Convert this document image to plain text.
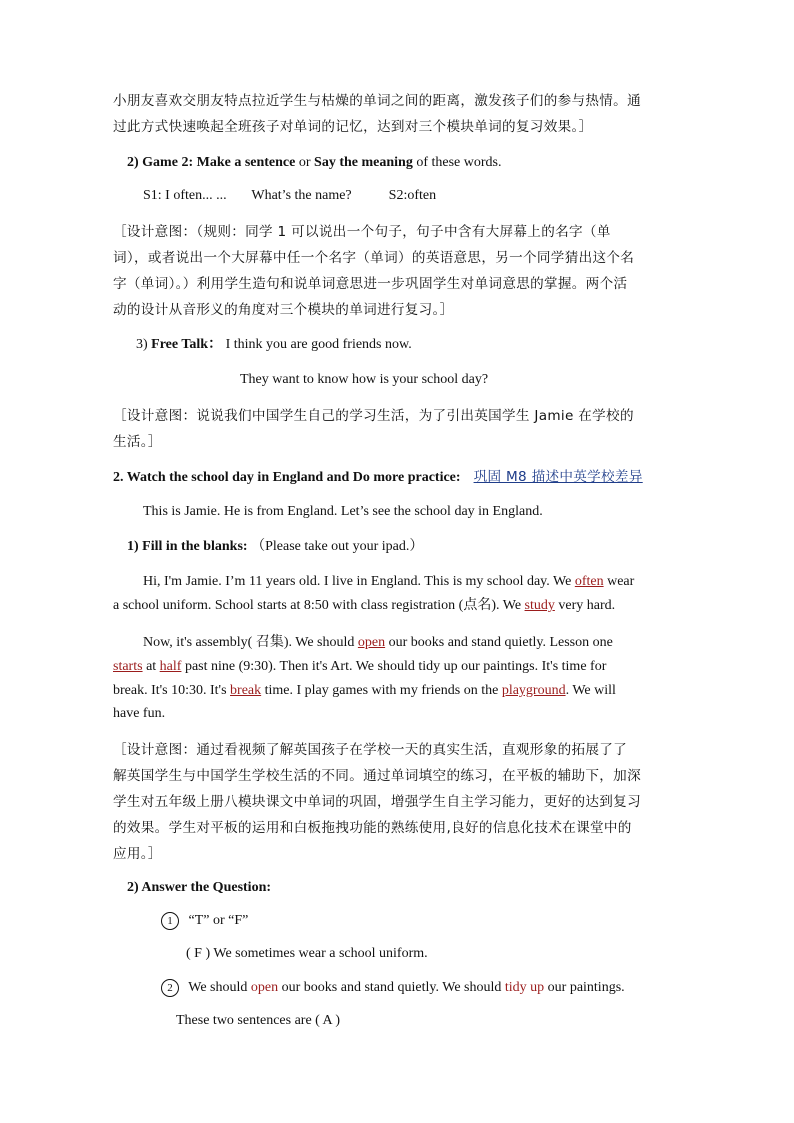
小朋友喜欢交朋友特点拉近学生与枯燥的单词之间的距离，激发孩子们的参与热情。通
过此方式快速唤起全班孩子对单词的记忆，达到对三个模块单词的复习效果。］
2) Game 2: Make a sentence or Say the meaning of these words.
S1: I often... ... What’s the name?	S2:often
［设计意图：（规则：同学 1 可以说出一个句子，句子中含有大屏幕上的名字（单
词），或者说出一个大屏幕中任一个名字（单词）的英语意思，另一个同学猜出这个名
字（单词）。）利用学生造句和说单词意思进一步巩固学生对单词意思的掌握。两个活
动的设计从音形义的角度对三个模块的单词进行复习。］
3) Free Talk： I think you are good friends now.
They want to know how is your school day?
［设计意图：说说我们中国学生自己的学习生活，为了引出英国学生 Jamie 在学校的
生活。］
2. Watch the school day in England and Do more practice: 巩固 M8 描述中英学校差异
This is Jamie. He is from England. Let’s see the school day in England.
1) Fill in the blanks: （Please take out your ipad.）
Hi, I'm Jamie. I’m 11 years old. I live in England. This is my school day. We often wear
a school uniform. School starts at 8:50 with class registration (点名). We study very hard.
Now, it's assembly( 召集). We should open our books and stand quietly. Lesson one
starts at half past nine (9:30). Then it's Art. We should tidy up our paintings. It's time for
break. It's 10:30. It's break time. I play games with my friends on the playground. We will
have fun.
［设计意图：通过看视频了解英国孩子在学校一天的真实生活，直观形象的拓展了了
解英国学生与中国学生学校生活的不同。通过单词填空的练习，在平板的辅助下，加深
学生对五年级上册八模块课文中单词的巩固，增强学生自主学习能力，更好的达到复习
的效果。学生对平板的运用和白板拖拽功能的熟练使用,良好的信息化技术在课堂中的
应用。］
2) Answer the Question:
1 “T” or “F”
( F ) We sometimes wear a school uniform.
2 We should open our books and stand quietly. We should tidy up our paintings.
These two sentences are ( A )
